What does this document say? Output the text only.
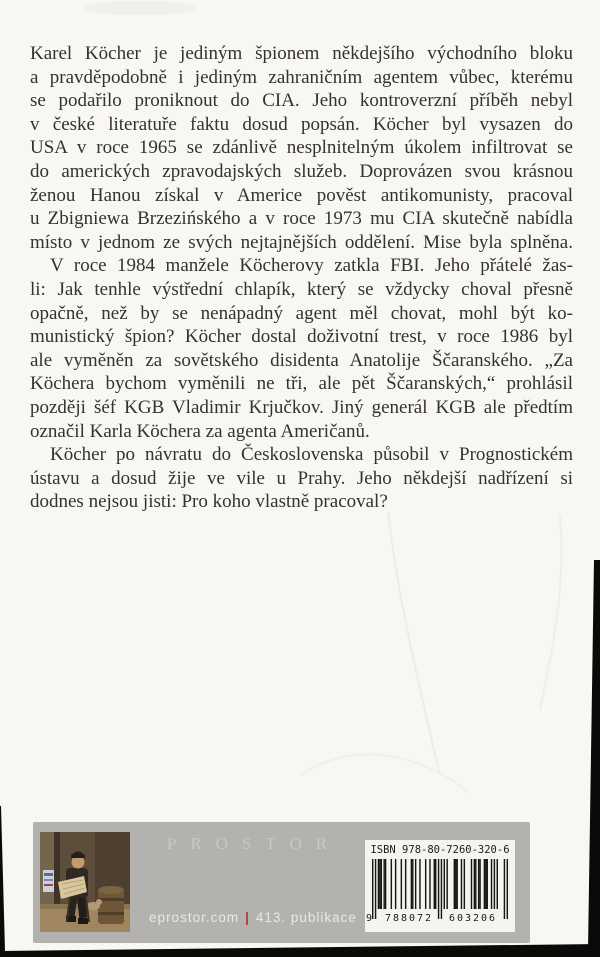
Karel Köcher je jediným špionem někdejšího východního bloku
a pravděpodobně i jediným zahraničním agentem vůbec, kterému
se podařilo proniknout do CIA. Jeho kontroverzní příběh nebyl
v české literatuře faktu dosud popsán. Köcher byl vysazen do
USA v roce 1965 se zdánlivě nesplnitelným úkolem infiltrovat se
do amerických zpravodajských služeb. Doprovázen svou krásnou
ženou Hanou získal v Americe pověst antikomunisty, pracoval
u Zbigniewa Brzezińského a v roce 1973 mu CIA skutečně nabídla
místo v jednom ze svých nejtajnějších oddělení. Mise byla splněna.
V roce 1984 manžele Köcherovy zatkla FBI. Jeho přátelé žas-
li: Jak tenhle výstřední chlapík, který se vždycky choval přesně
opačně, než by se nenápadný agent měl chovat, mohl být ko-
munistický špion? Köcher dostal doživotní trest, v roce 1986 byl
ale vyměněn za sovětského disidenta Anatolije Ščaranského. „Za
Köchera bychom vyměnili ne tři, ale pět Ščaranských,“ prohlásil
později šéf KGB Vladimir Krjučkov. Jiný generál KGB ale předtím
označil Karla Köchera za agenta Američanů.
Köcher po návratu do Československa působil v Prognostickém
ústavu a dosud žije ve vile u Prahy. Jeho někdejší nadřízení si
dodnes nejsou jisti: Pro koho vlastně pracoval?
PROSTOR
eprostor.com | 413. publikace
ISBN 978-80-7260-320-6
9	788072	603206
